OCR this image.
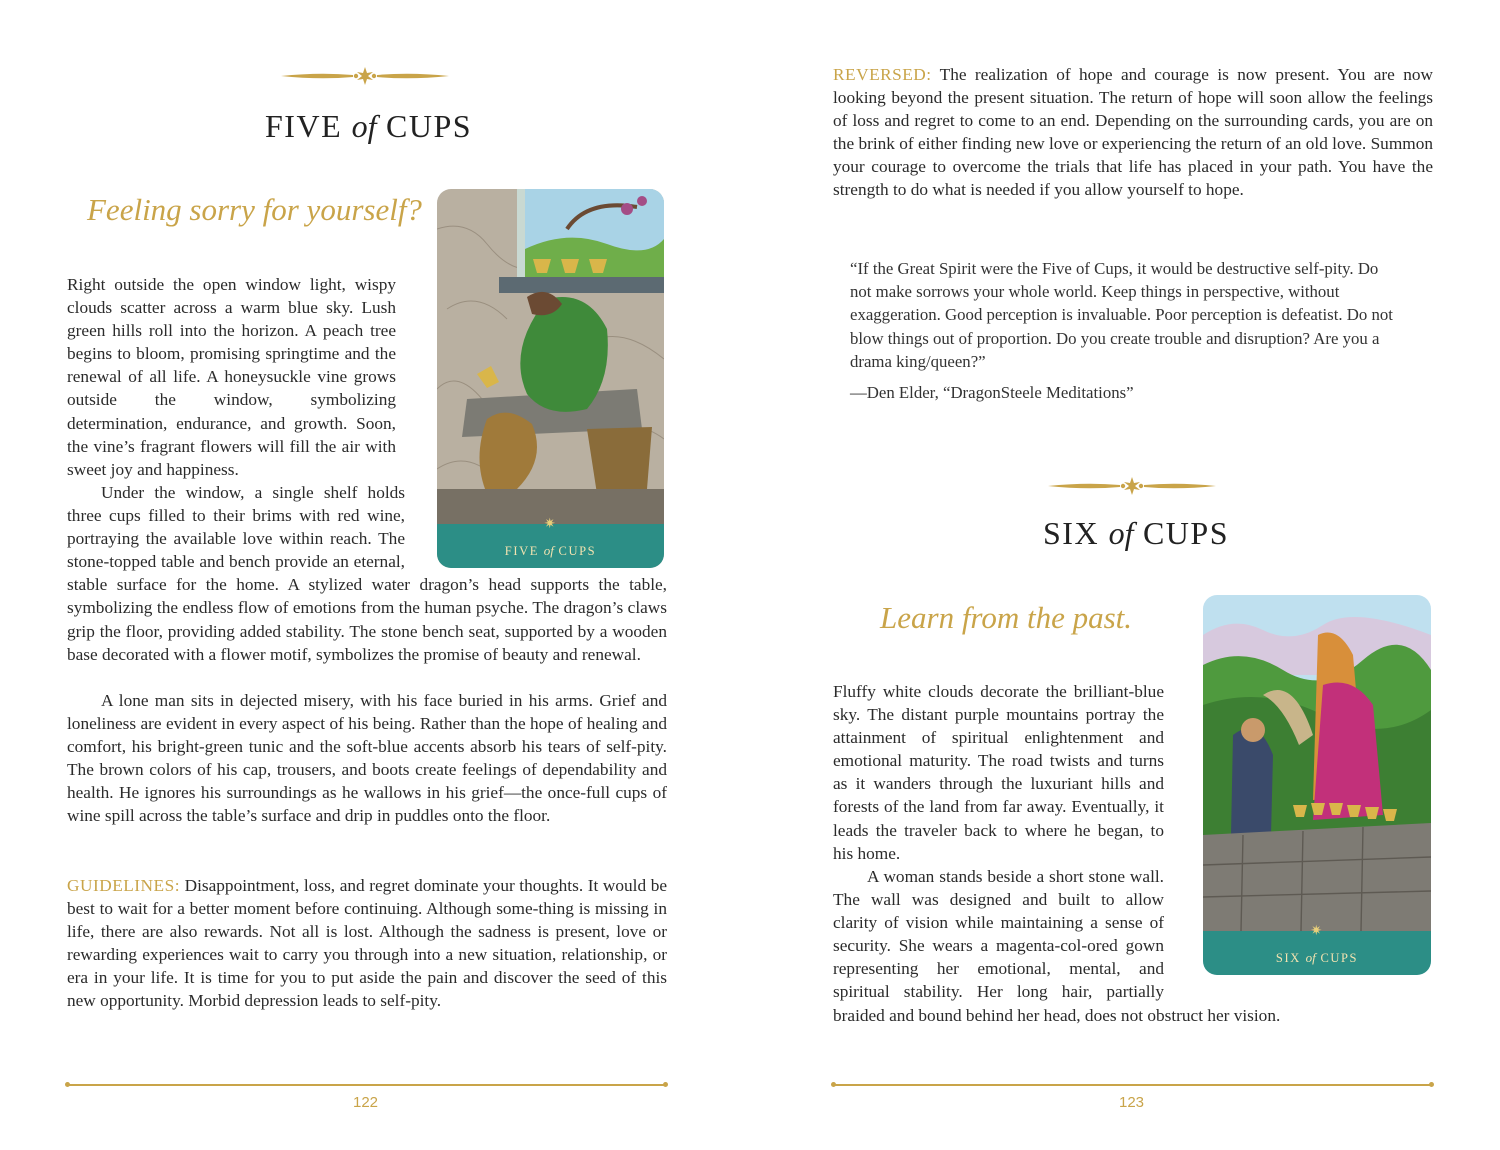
FIVE of CUPS
Feeling sorry for yourself?
✷
FIVE of CUPS

Right outside the open window light, wispy clouds scatter across a warm blue sky. Lush green hills roll into the horizon. A peach tree begins to bloom, promising springtime and the renewal of all life. A honeysuckle vine grows outside the window, symbolizing determination, endurance, and growth. Soon, the vine’s fragrant flowers will fill the air with sweet joy and happiness.

Under the window, a single shelf holds three cups filled to their brims with red wine, portraying the available love within reach. The stone-topped table and bench provide an eternal, stable surface for the home. A stylized water dragon’s head supports the table, symbolizing the endless flow of emotions from the human psyche. The dragon’s claws grip the floor, providing added stability. The stone bench seat, supported by a wooden base decorated with a flower motif, symbolizes the promise of beauty and renewal.

A lone man sits in dejected misery, with his face buried in his arms. Grief and loneliness are evident in every aspect of his being. Rather than the hope of healing and comfort, his bright-green tunic and the soft-blue accents absorb his tears of self-pity. The brown colors of his cap, trousers, and boots create feelings of dependability and health. He ignores his surroundings as he wallows in his grief—the once-full cups of wine spill across the table’s surface and drip in puddles onto the floor.

GUIDELINES: Disappointment, loss, and regret dominate your thoughts. It would be best to wait for a better moment before continuing. Although some-thing is missing in life, there are also rewards. Not all is lost. Although the sadness is present, love or rewarding experiences wait to carry you through into a new situation, relationship, or era in your life. It is time for you to put aside the pain and discover the seed of this new opportunity. Morbid depression leads to self-pity.

122

REVERSED: The realization of hope and courage is now present. You are now looking beyond the present situation. The return of hope will soon allow the feelings of loss and regret to come to an end. Depending on the surrounding cards, you are on the brink of either finding new love or experiencing the return of an old love. Summon your courage to overcome the trials that life has placed in your path. You have the strength to do what is needed if you allow yourself to hope.

“If the Great Spirit were the Five of Cups, it would be destructive self-pity. Do not make sorrows your whole world. Keep things in perspective, without exaggeration. Good perception is invaluable. Poor perception is defeatist. Do not blow things out of proportion. Do you create trouble and disruption? Are you a drama king/queen?”

—Den Elder, “DragonSteele Meditations”

SIX of CUPS
Learn from the past.
✷
SIX of CUPS

Fluffy white clouds decorate the brilliant-blue sky. The distant purple mountains portray the attainment of spiritual enlightenment and emotional maturity. The road twists and turns as it wanders through the luxuriant hills and forests of the land from far away. Eventually, it leads the traveler back to where he began, to his home.

A woman stands beside a short stone wall. The wall was designed and built to allow clarity of vision while maintaining a sense of security. She wears a magenta-col-ored gown representing her emotional, mental, and spiritual stability. Her long hair, partially braided and bound behind her head, does not obstruct her vision.

123
